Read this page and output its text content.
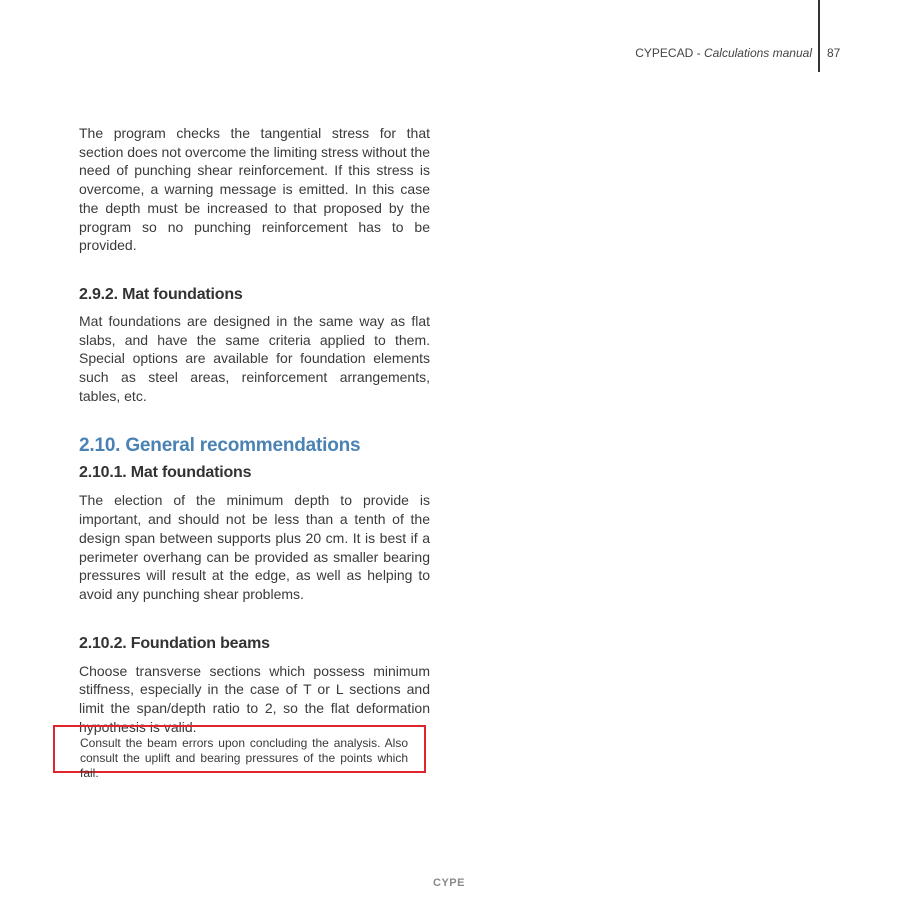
CYPECAD - Calculations manual 87

The program checks the tangential stress for that section does not overcome the limiting stress without the need of punching shear reinforcement. If this stress is overcome, a warning message is emitted. In this case the depth must be increased to that proposed by the program so no punching reinforcement has to be provided.

2.9.2. Mat foundations

Mat foundations are designed in the same way as flat slabs, and have the same criteria applied to them. Special options are available for foundation elements such as steel areas, reinforcement arrangements, tables, etc.

2.10. General recommendations
2.10.1. Mat foundations

The election of the minimum depth to provide is important, and should not be less than a tenth of the design span between supports plus 20 cm. It is best if a perimeter overhang can be provided as smaller bearing pressures will result at the edge, as well as helping to avoid any punching shear problems.

2.10.2. Foundation beams

Choose transverse sections which possess minimum stiffness, especially in the case of T or L sections and limit the span/depth ratio to 2, so the flat deformation hypothesis is valid.

Consult the beam errors upon concluding the analysis. Also consult the uplift and bearing pressures of the points which fail.

CYPE
